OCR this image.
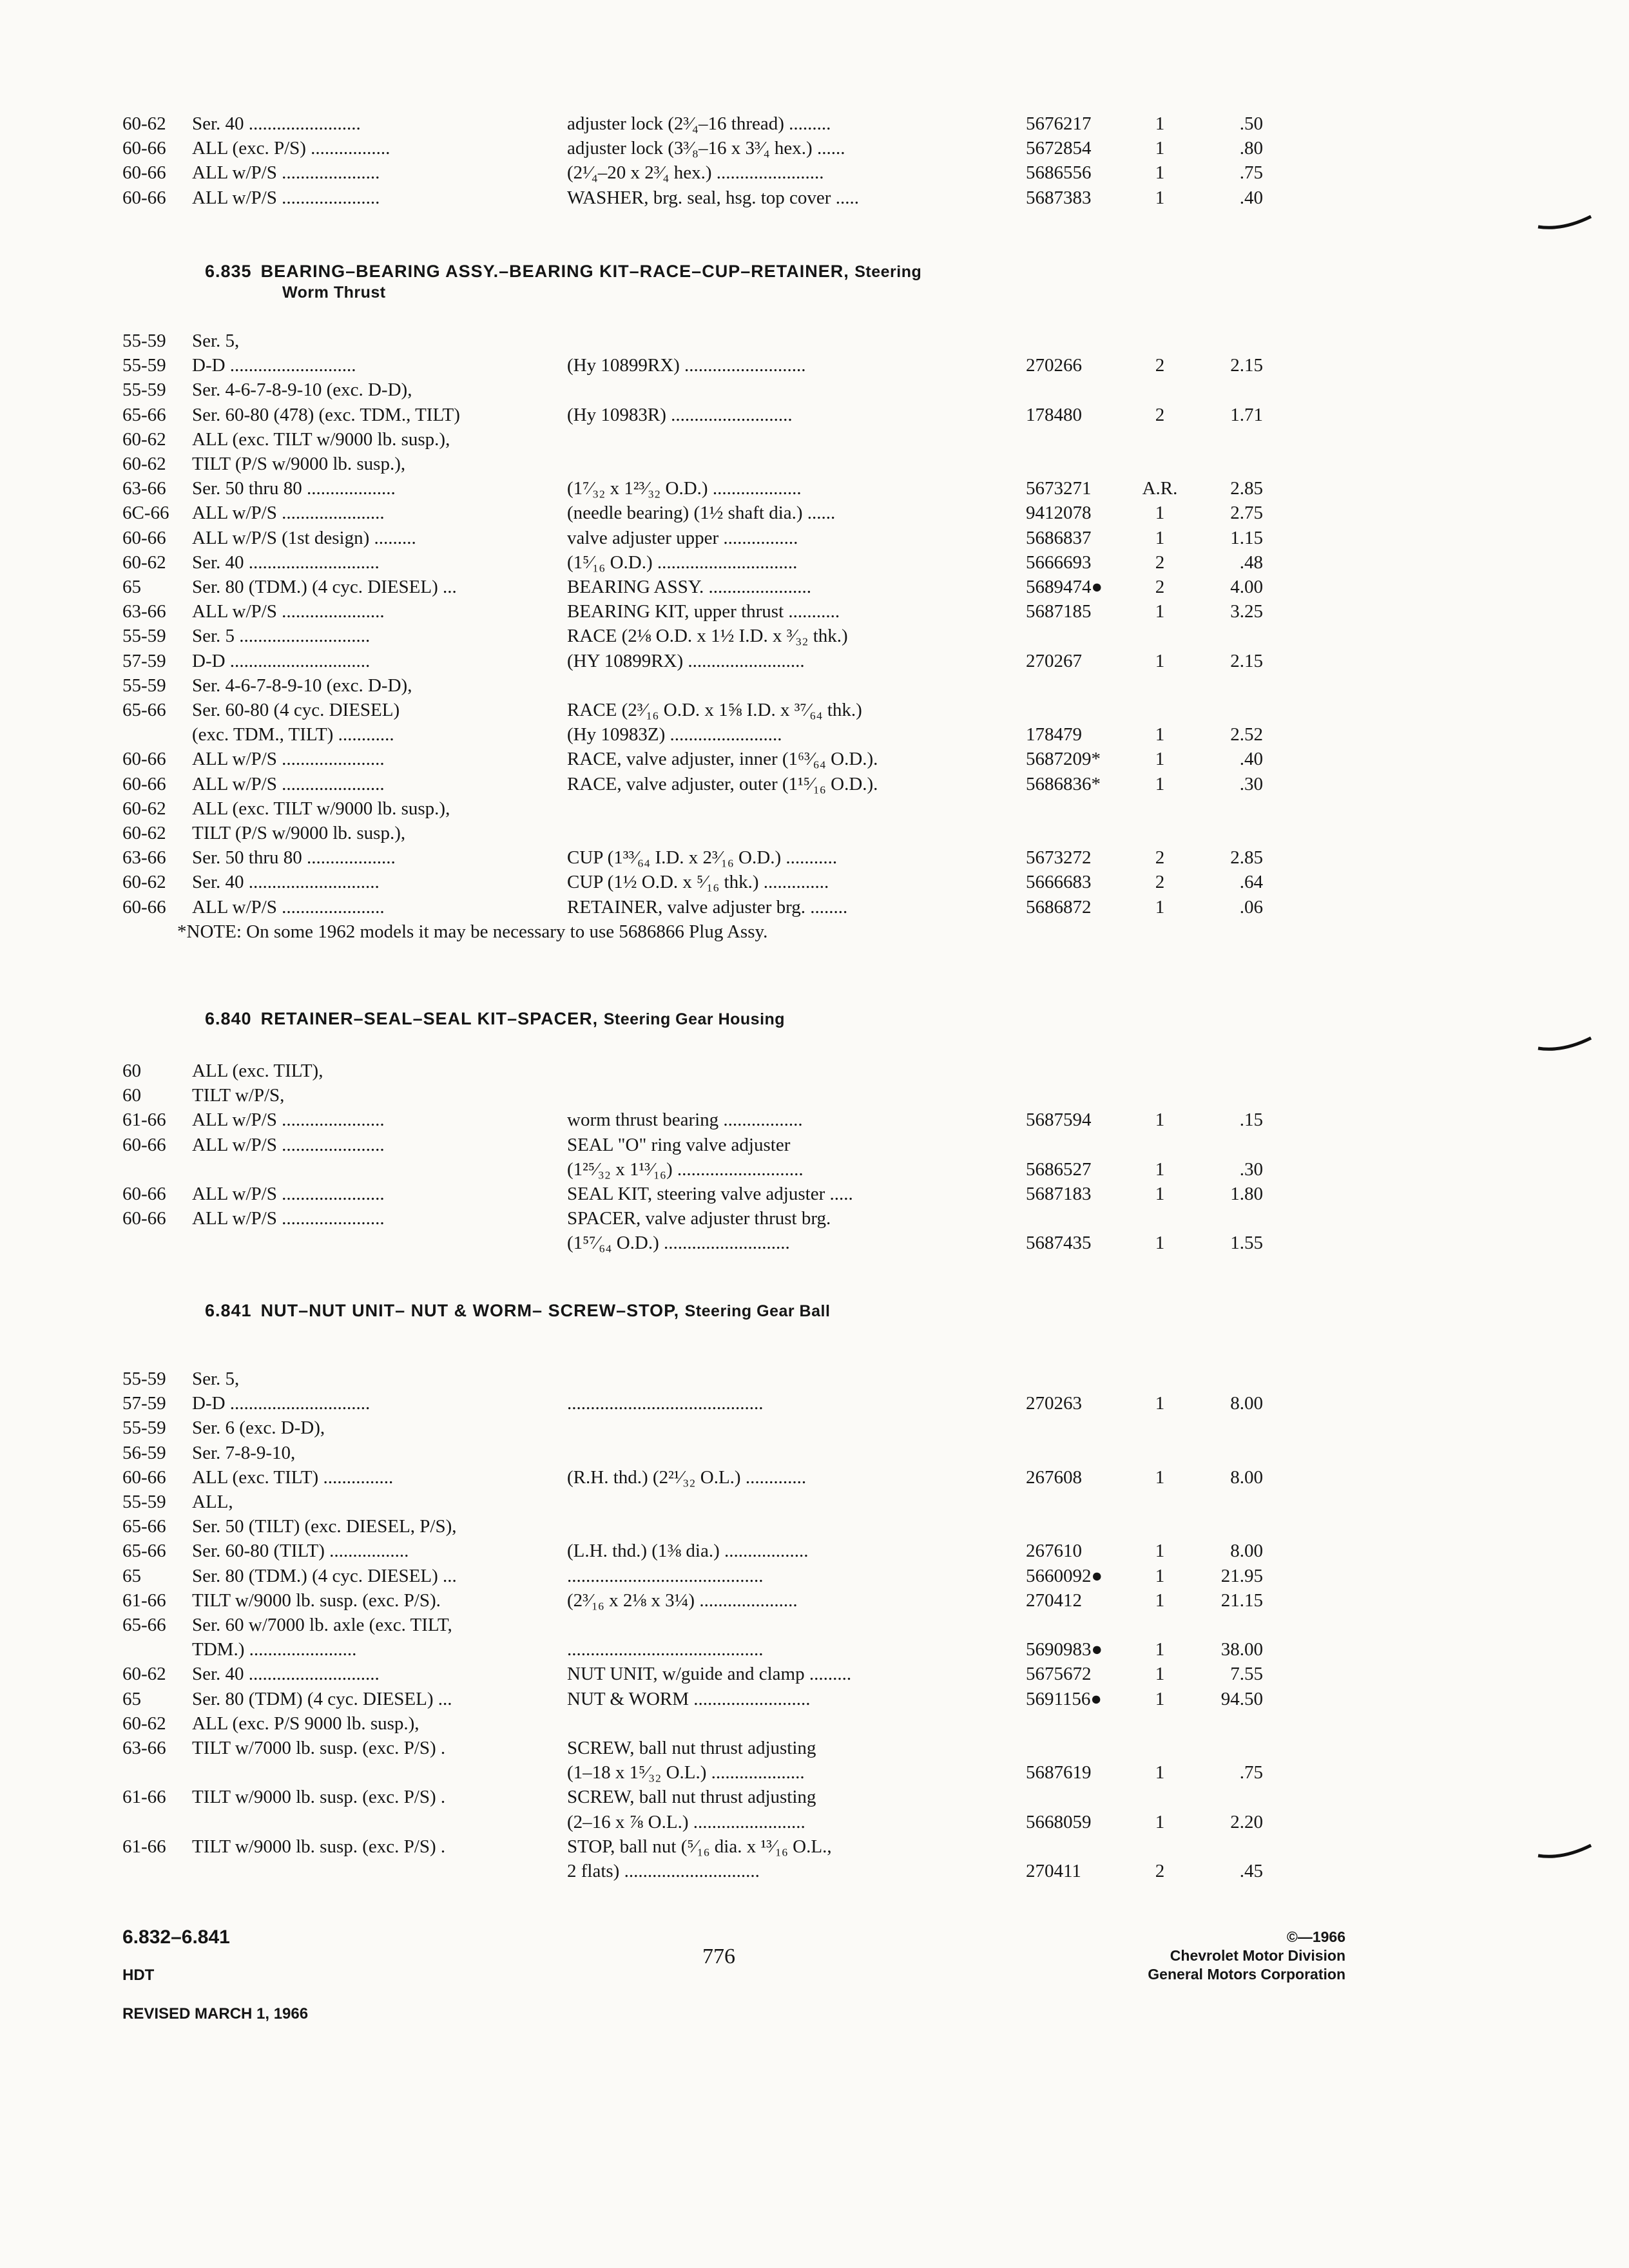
60-62	Ser. 40 ........................	adjuster lock (2³⁄₄–16 thread) .........	5676217	1	.50
60-66	ALL (exc. P/S) .................	adjuster lock (3³⁄₈–16 x 3³⁄₄ hex.) ......	5672854	1	.80
60-66	ALL w/P/S .....................	(2¹⁄₄–20 x 2³⁄₄ hex.) .......................	5686556	1	.75
60-66	ALL w/P/S .....................	WASHER, brg. seal, hsg. top cover .....	5687383	1	.40
6.835 BEARING–BEARING ASSY.–BEARING KIT–RACE–CUP–RETAINER, Steering
Worm Thrust
55-59	Ser. 5,
55-59	D-D ...........................	(Hy 10899RX) ..........................	270266	2	2.15
55-59	Ser. 4-6-7-8-9-10 (exc. D-D),
65-66	Ser. 60-80 (478) (exc. TDM., TILT)	(Hy 10983R) ..........................	178480	2	1.71
60-62	ALL (exc. TILT w/9000 lb. susp.),
60-62	TILT (P/S w/9000 lb. susp.),
63-66	Ser. 50 thru 80 ...................	(1⁷⁄₃₂ x 1²³⁄₃₂ O.D.) ...................	5673271	A.R.	2.85
6C-66	ALL w/P/S ......................	(needle bearing) (1½ shaft dia.) ......	9412078	1	2.75
60-66	ALL w/P/S (1st design) .........	valve adjuster upper ................	5686837	1	1.15
60-62	Ser. 40 ............................	(1⁵⁄₁₆ O.D.) ..............................	5666693	2	.48
65	Ser. 80 (TDM.) (4 cyc. DIESEL) ...	BEARING ASSY. ......................	5689474●	2	4.00
63-66	ALL w/P/S ......................	BEARING KIT, upper thrust ...........	5687185	1	3.25
55-59	Ser. 5 ............................	RACE (2⅛ O.D. x 1½ I.D. x ³⁄₃₂ thk.)
57-59	D-D ..............................	(HY 10899RX) .........................	270267	1	2.15
55-59	Ser. 4-6-7-8-9-10 (exc. D-D),
65-66	Ser. 60-80 (4 cyc. DIESEL)	RACE (2³⁄₁₆ O.D. x 1⅝ I.D. x ³⁷⁄₆₄ thk.)
(exc. TDM., TILT) ............	(Hy 10983Z) ........................	178479	1	2.52
60-66	ALL w/P/S ......................	RACE, valve adjuster, inner (1⁶³⁄₆₄ O.D.).	5687209*	1	.40
60-66	ALL w/P/S ......................	RACE, valve adjuster, outer (1¹⁵⁄₁₆ O.D.).	5686836*	1	.30
60-62	ALL (exc. TILT w/9000 lb. susp.),
60-62	TILT (P/S w/9000 lb. susp.),
63-66	Ser. 50 thru 80 ...................	CUP (1³³⁄₆₄ I.D. x 2³⁄₁₆ O.D.) ...........	5673272	2	2.85
60-62	Ser. 40 ............................	CUP (1½ O.D. x ⁵⁄₁₆ thk.) ..............	5666683	2	.64
60-66	ALL w/P/S ......................	RETAINER, valve adjuster brg. ........	5686872	1	.06
*NOTE: On some 1962 models it may be necessary to use 5686866 Plug Assy.
6.840 RETAINER–SEAL–SEAL KIT–SPACER, Steering Gear Housing
60	ALL (exc. TILT),
60	TILT w/P/S,
61-66	ALL w/P/S ......................	worm thrust bearing .................	5687594	1	.15
60-66	ALL w/P/S ......................	SEAL "O" ring valve adjuster
(1²⁵⁄₃₂ x 1¹³⁄₁₆) ...........................	5686527	1	.30
60-66	ALL w/P/S ......................	SEAL KIT, steering valve adjuster .....	5687183	1	1.80
60-66	ALL w/P/S ......................	SPACER, valve adjuster thrust brg.
(1⁵⁷⁄₆₄ O.D.) ...........................	5687435	1	1.55
6.841 NUT–NUT UNIT– NUT & WORM– SCREW–STOP, Steering Gear Ball
55-59	Ser. 5,
57-59	D-D ..............................	..........................................	270263	1	8.00
55-59	Ser. 6 (exc. D-D),
56-59	Ser. 7-8-9-10,
60-66	ALL (exc. TILT) ...............	(R.H. thd.) (2²¹⁄₃₂ O.L.) .............	267608	1	8.00
55-59	ALL,
65-66	Ser. 50 (TILT) (exc. DIESEL, P/S),
65-66	Ser. 60-80 (TILT) .................	(L.H. thd.) (1⅜ dia.) ..................	267610	1	8.00
65	Ser. 80 (TDM.) (4 cyc. DIESEL) ...	..........................................	5660092●	1	21.95
61-66	TILT w/9000 lb. susp. (exc. P/S).	(2³⁄₁₆ x 2⅛ x 3¼) .....................	270412	1	21.15
65-66	Ser. 60 w/7000 lb. axle (exc. TILT,
TDM.) .......................	..........................................	5690983●	1	38.00
60-62	Ser. 40 ............................	NUT UNIT, w/guide and clamp .........	5675672	1	7.55
65	Ser. 80 (TDM) (4 cyc. DIESEL) ...	NUT & WORM .........................	5691156●	1	94.50
60-62	ALL (exc. P/S 9000 lb. susp.),
63-66	TILT w/7000 lb. susp. (exc. P/S) .	SCREW, ball nut thrust adjusting
(1–18 x 1⁵⁄₃₂ O.L.) ....................	5687619	1	.75
61-66	TILT w/9000 lb. susp. (exc. P/S) .	SCREW, ball nut thrust adjusting
(2–16 x ⅞ O.L.) ........................	5668059	1	2.20
61-66	TILT w/9000 lb. susp. (exc. P/S) .	STOP, ball nut (⁵⁄₁₆ dia. x ¹³⁄₁₆ O.L.,
2 flats) .............................	270411	2	.45
776
6.832–6.841
HDT
REVISED MARCH 1, 1966
©—1966
Chevrolet Motor Division
General Motors Corporation
